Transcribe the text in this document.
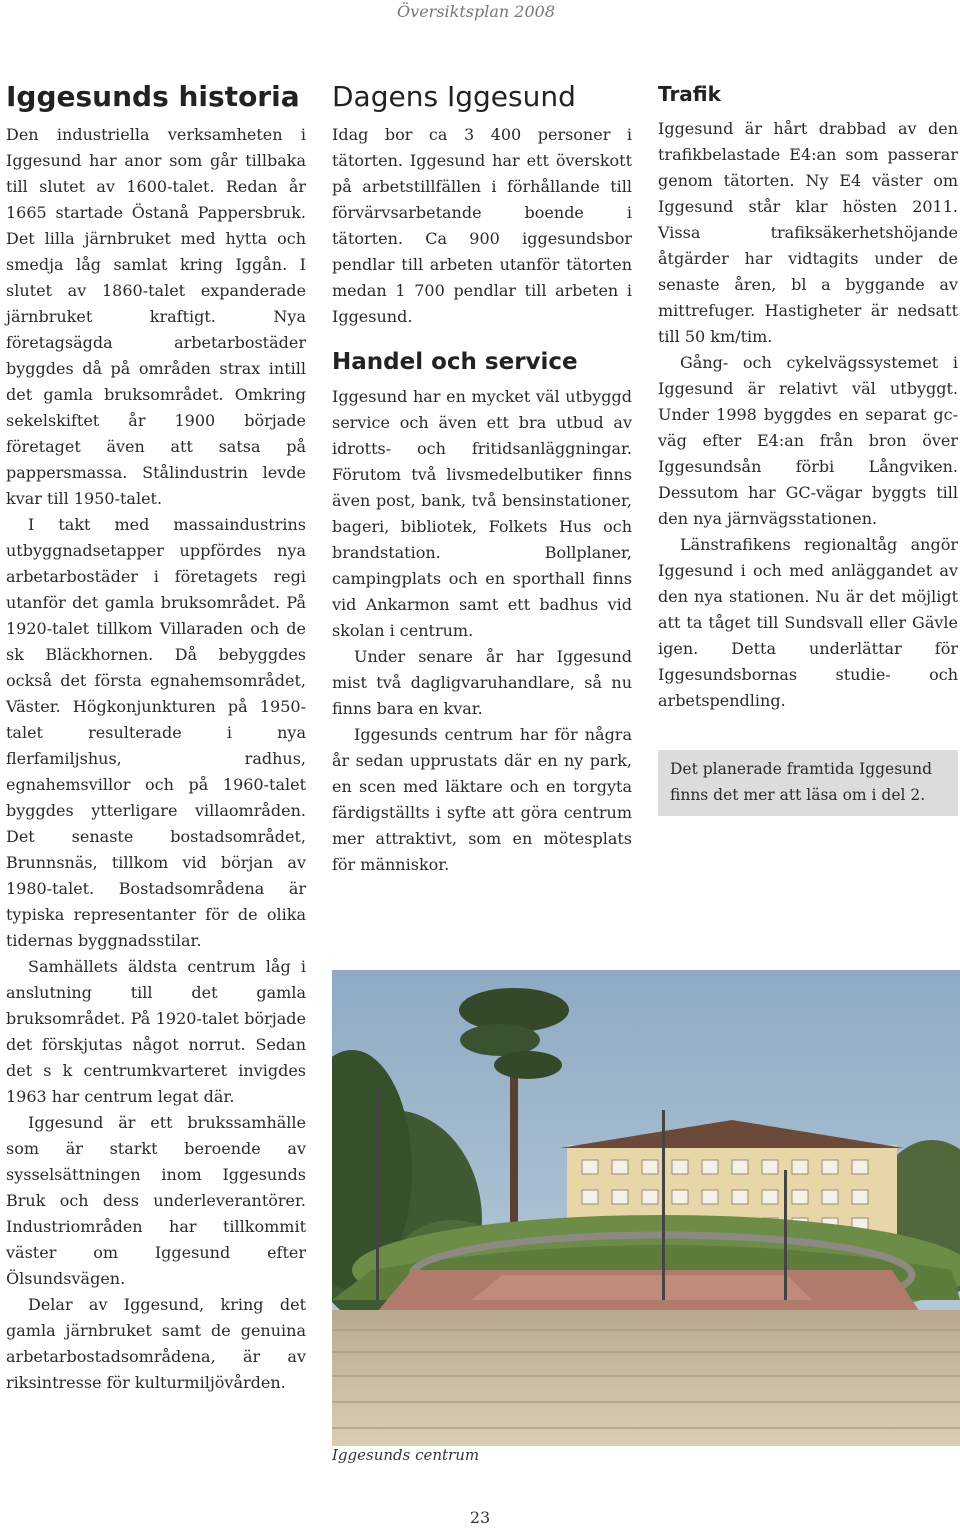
Översiktsplan 2008
Iggesunds historia

Den industriella verksamheten i Iggesund har anor som går tillbaka till slutet av 1600-talet. Redan år 1665 startade Östanå Pappersbruk. Det lilla järnbruket med hytta och smedja låg samlat kring Iggån. I slutet av 1860-talet expanderade järnbruket kraftigt. Nya företagsägda arbetarbostäder byggdes då på områden strax intill det gamla bruksområdet. Omkring sekelskiftet år 1900 började företaget även att satsa på pappersmassa. Stålindustrin levde kvar till 1950-talet.

I takt med massaindustrins utbyggnadsetapper uppfördes nya arbetarbostäder i företagets regi utanför det gamla bruksområdet. På 1920-talet tillkom Villaraden och de sk Bläckhornen. Då bebyggdes också det första egnahemsområdet, Väster. Högkonjunkturen på 1950-talet resulterade i nya flerfamiljshus, radhus, egnahemsvillor och på 1960-talet byggdes ytterligare villaområden. Det senaste bostadsområdet, Brunnsnäs, tillkom vid början av 1980-talet. Bostadsområdena är typiska representanter för de olika tidernas byggnadsstilar.

Samhällets äldsta centrum låg i anslutning till det gamla bruksområdet. På 1920-talet började det förskjutas något norrut. Sedan det s k centrumkvarteret invigdes 1963 har centrum legat där.

Iggesund är ett brukssamhälle som är starkt beroende av sysselsättningen inom Iggesunds Bruk och dess underleverantörer. Industriområden har tillkommit väster om Iggesund efter Ölsundsvägen.

Delar av Iggesund, kring det gamla järnbruket samt de genuina arbetarbostadsområdena, är av riksintresse för kulturmiljövården.

Dagens Iggesund

Idag bor ca 3 400 personer i tätorten. Iggesund har ett överskott på arbetstillfällen i förhållande till förvärvsarbetande boende i tätorten. Ca 900 iggesundsbor pendlar till arbeten utanför tätorten medan 1 700 pendlar till arbeten i Iggesund.

Handel och service

Iggesund har en mycket väl utbyggd service och även ett bra utbud av idrotts- och fritidsanläggningar. Förutom två livsmedelbutiker finns även post, bank, två bensinstationer, bageri, bibliotek, Folkets Hus och brandstation. Bollplaner, campingplats och en sporthall finns vid Ankarmon samt ett badhus vid skolan i centrum.

Under senare år har Iggesund mist två dagligvaruhandlare, så nu finns bara en kvar.

Iggesunds centrum har för några år sedan upprustats där en ny park, en scen med läktare och en torgyta färdigställts i syfte att göra centrum mer attraktivt, som en mötesplats för människor.

Trafik

Iggesund är hårt drabbad av den trafikbelastade E4:an som passerar genom tätorten. Ny E4 väster om Iggesund står klar hösten 2011. Vissa trafiksäkerhetshöjande åtgärder har vidtagits under de senaste åren, bl a byggande av mittrefuger. Hastigheter är nedsatt till 50 km/tim.

Gång- och cykelvägssystemet i Iggesund är relativt väl utbyggt. Under 1998 byggdes en separat gc-väg efter E4:an från bron över Iggesundsån förbi Långviken. Dessutom har GC-vägar byggts till den nya järnvägsstationen.

Länstrafikens regionaltåg angör Iggesund i och med anläggandet av den nya stationen. Nu är det möjligt att ta tåget till Sundsvall eller Gävle igen. Detta underlättar för Iggesundsbornas studie- och arbetspendling.

Det planerade framtida Iggesund finns det mer att läsa om i del 2.
Iggesunds centrum
23
